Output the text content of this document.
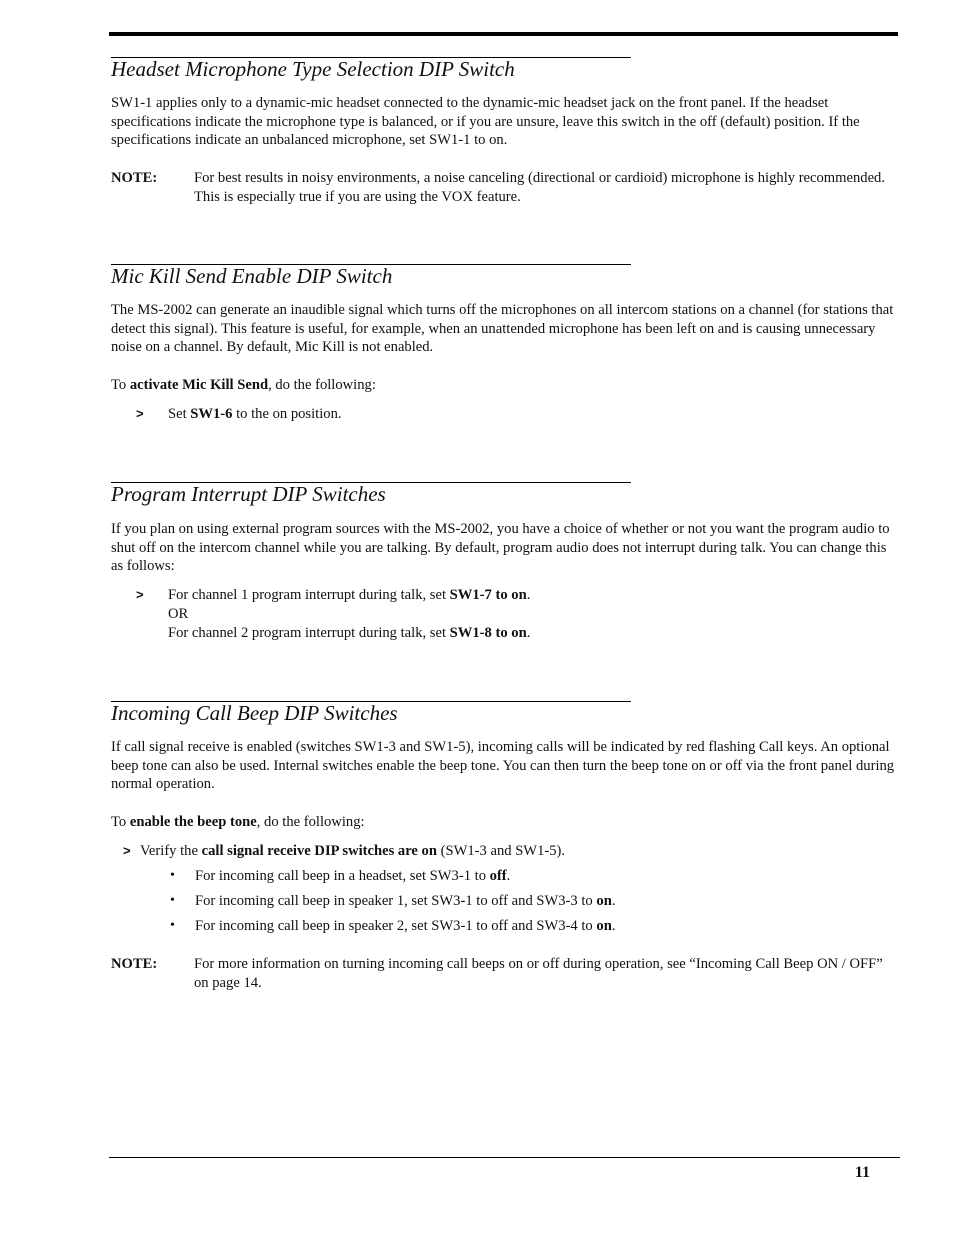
Headset Microphone Type Selection DIP Switch

SW1-1 applies only to a dynamic-mic headset connected to the dynamic-mic headset jack on the front panel. If the headset specifications indicate the microphone type is balanced, or if you are unsure, leave this switch in the off (default) position. If the specifications indicate an unbalanced microphone, set SW1-1 to on.

NOTE:	For best results in noisy environments, a noise canceling (directional or cardioid) microphone is highly recommended. This is especially true if you are using the VOX feature.

Mic Kill Send Enable DIP Switch

The MS-2002 can generate an inaudible signal which turns off the microphones on all intercom stations on a channel (for stations that detect this signal). This feature is useful, for example, when an unattended microphone has been left on and is causing unnecessary noise on a channel. By default, Mic Kill is not enabled.

To activate Mic Kill Send, do the following:

> Set SW1-6 to the on position.

Program Interrupt DIP Switches

If you plan on using external program sources with the MS-2002, you have a choice of whether or not you want the program audio to shut off on the intercom channel while you are talking. By default, program audio does not interrupt during talk. You can change this as follows:

> For channel 1 program interrupt during talk, set SW1-7 to on.

OR

For channel 2 program interrupt during talk, set SW1-8 to on.

Incoming Call Beep DIP Switches

If call signal receive is enabled (switches SW1-3 and SW1-5), incoming calls will be indicated by red flashing Call keys. An optional beep tone can also be used. Internal switches enable the beep tone. You can then turn the beep tone on or off via the front panel during normal operation.

To enable the beep tone, do the following:

> Verify the call signal receive DIP switches are on (SW1-3 and SW1-5).

• For incoming call beep in a headset, set SW3-1 to off.

• For incoming call beep in speaker 1, set SW3-1 to off and SW3-3 to on.

• For incoming call beep in speaker 2, set SW3-1 to off and SW3-4 to on.

NOTE:	For more information on turning incoming call beeps on or off during operation, see “Incoming Call Beep ON / OFF” on page 14.

11
